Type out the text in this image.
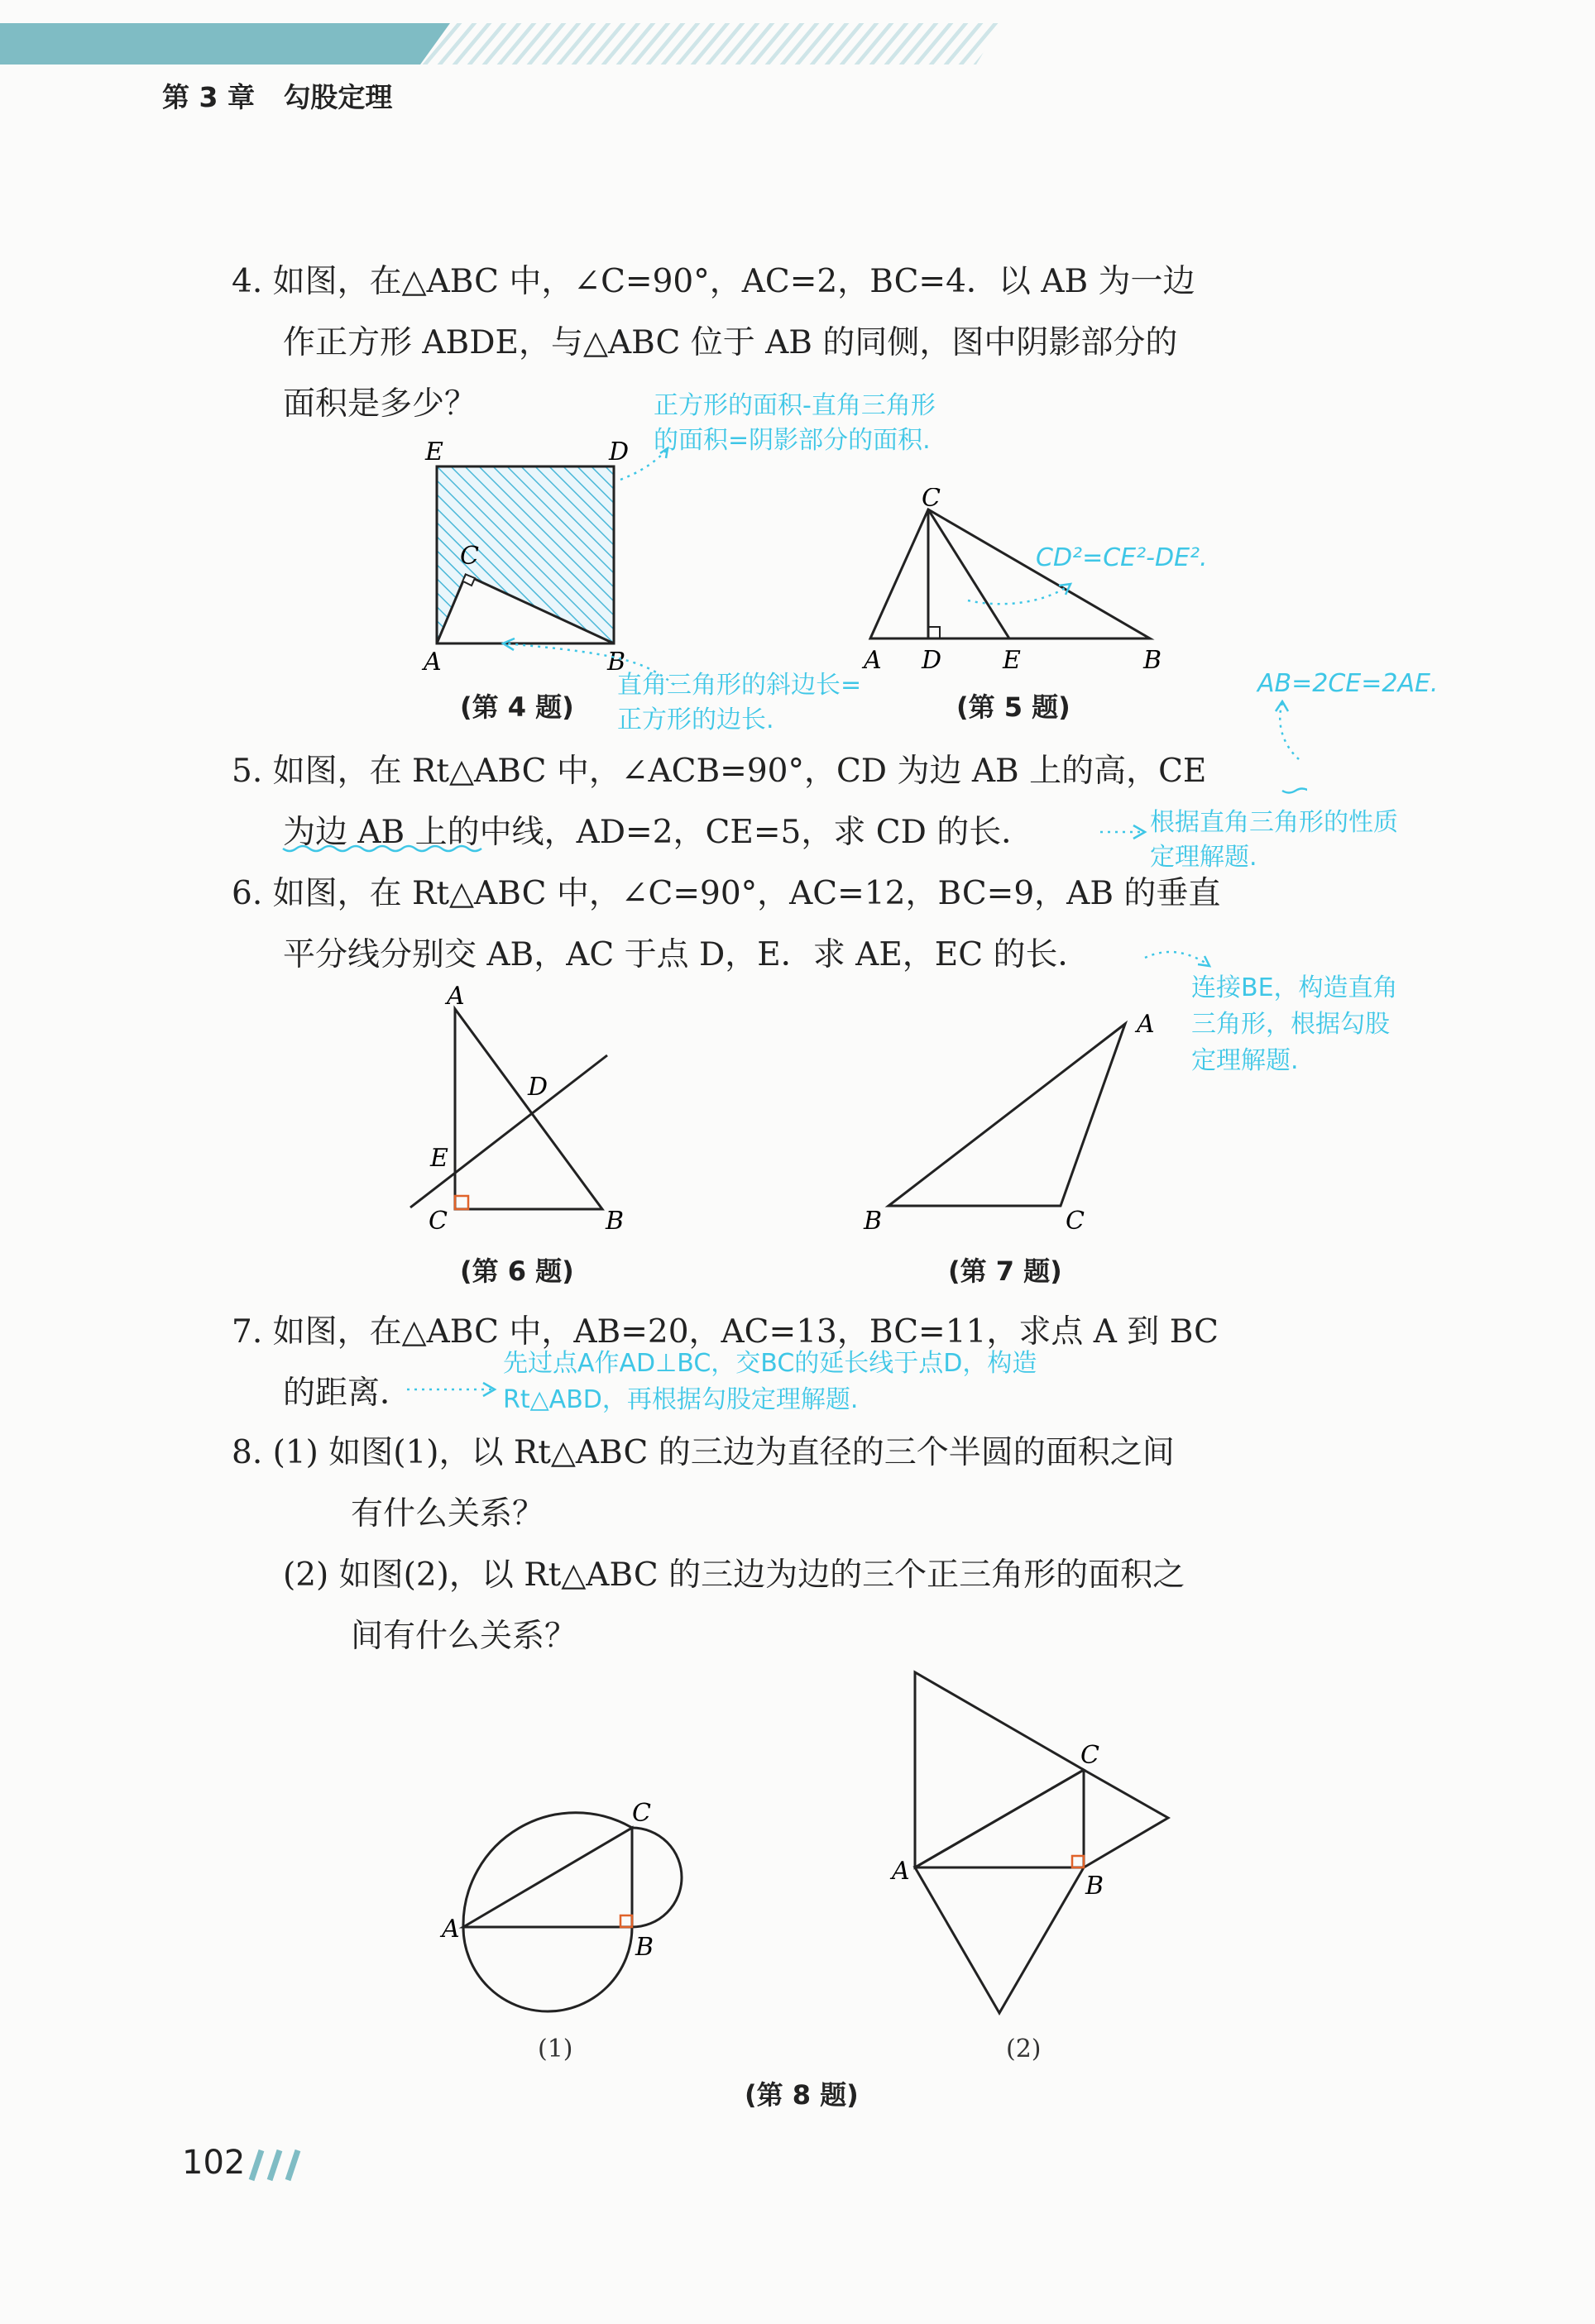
第 3 章 勾股定理
4. 如图，在△ABC 中，∠C=90°，AC=2，BC=4．以 AB 为一边
作正方形 ABDE，与△ABC 位于 AB 的同侧，图中阴影部分的
面积是多少？	正方形的面积-直角三角形
的面积=阴影部分的面积.
E	D
C
A	B
(第 4 题)
直角三角形的斜边长=
正方形的边长.
C
A D E	B
CD²=CE²-DE².
(第 5 题)
AB=2CE=2AE.
5. 如图，在 Rt△ABC 中，∠ACB=90°，CD 为边 AB 上的高，CE
为边 AB 上的中线，AD=2，CE=5，求 CD 的长．	根据直角三角形的性质
定理解题.
6. 如图，在 Rt△ABC 中，∠C=90°，AC=12，BC=9，AB 的垂直
平分线分别交 AB，AC 于点 D，E．求 AE，EC 的长．
连接BE，构造直角
三角形，根据勾股
定理解题.
A
D
E
C	B
(第 6 题)
A
B	C
(第 7 题)
7. 如图，在△ABC 中，AB=20，AC=13，BC=11，求点 A 到 BC
的距离．
先过点A作AD⊥BC，交BC的延长线于点D，构造
Rt△ABD，再根据勾股定理解题.
8. (1) 如图(1)，以 Rt△ABC 的三边为直径的三个半圆的面积之间
有什么关系？
(2) 如图(2)，以 Rt△ABC 的三边为边的三个正三角形的面积之
间有什么关系？
C
A
B
(1)
C
A
B
(2)
(第 8 题)
102
